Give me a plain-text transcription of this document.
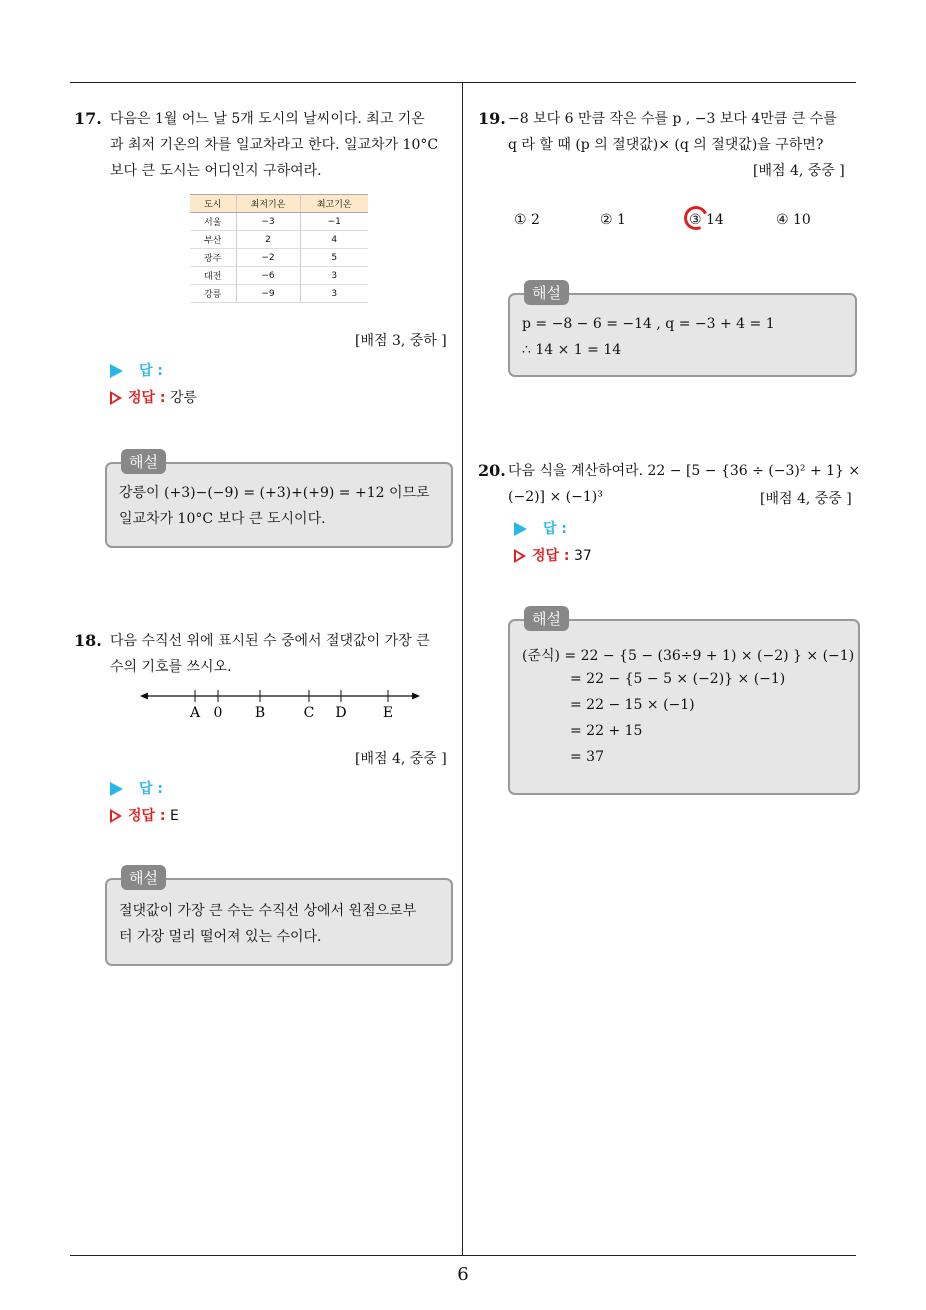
17. 다음은 1월 어느 날 5개 도시의 날씨이다. 최고 기온
과 최저 기온의 차를 일교차라고 한다. 일교차가 10°C
보다 큰 도시는 어디인지 구하여라.
도시	최저기온	최고기온
서울	−3	−1
부산	2	4
광주	−2	5
대전	−6	3
강릉	−9	3
[배점 3, 중하 ]
답 :
정답 : 강릉
해설
강릉이 (+3)−(−9) = (+3)+(+9) = +12 이므로
일교차가 10°C 보다 큰 도시이다.
18. 다음 수직선 위에 표시된 수 중에서 절댓값이 가장 큰
수의 기호를 쓰시오.
A 0 B	C D	E
[배점 4, 중중 ]
답 :
정답 : E
해설
절댓값이 가장 큰 수는 수직선 상에서 원점으로부
터 가장 멀리 떨어져 있는 수이다.
19. −8 보다 6 만큼 작은 수를 p , −3 보다 4만큼 큰 수를
q 라 할 때 (p 의 절댓값)× (q 의 절댓값)을 구하면?
[배점 4, 중중 ]
① 2	② 1	③ 14	④ 10
해설
p = −8 − 6 = −14 , q = −3 + 4 = 1
∴ 14 × 1 = 14
20. 다음 식을 계산하여라. 22 − [5 − {36 ÷ (−3)² + 1} ×
(−2)] × (−1)³	[배점 4, 중중 ]
답 :
정답 : 37
해설
(준식) = 22 − {5 − (36÷9 + 1) × (−2) } × (−1)
= 22 − {5 − 5 × (−2)} × (−1)
= 22 − 15 × (−1)
= 22 + 15
= 37
6
